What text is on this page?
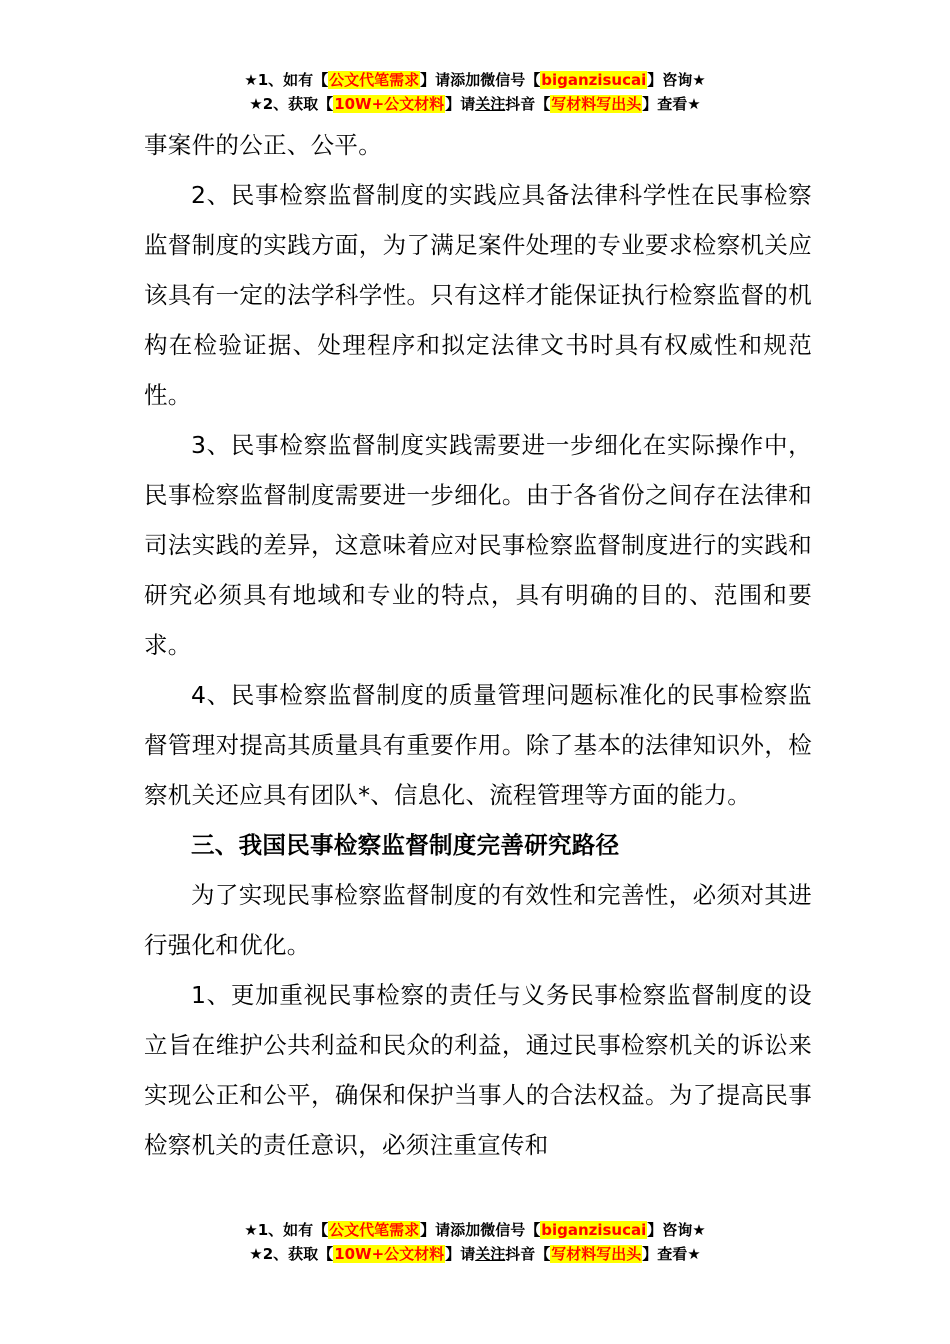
★1、如有【公文代笔需求】请添加微信号【biganzisucai】咨询★
★2、获取【10W+公文材料】请关注抖音【写材料写出头】查看★

事案件的公正、公平。

2、民事检察监督制度的实践应具备法律科学性在民事检察监督制度的实践方面，为了满足案件处理的专业要求检察机关应该具有一定的法学科学性。只有这样才能保证执行检察监督的机构在检验证据、处理程序和拟定法律文书时具有权威性和规范性。

3、民事检察监督制度实践需要进一步细化在实际操作中，民事检察监督制度需要进一步细化。由于各省份之间存在法律和司法实践的差异，这意味着应对民事检察监督制度进行的实践和研究必须具有地域和专业的特点，具有明确的目的、范围和要求。

4、民事检察监督制度的质量管理问题标准化的民事检察监督管理对提高其质量具有重要作用。除了基本的法律知识外，检察机关还应具有团队*、信息化、流程管理等方面的能力。

三、我国民事检察监督制度完善研究路径

为了实现民事检察监督制度的有效性和完善性，必须对其进行强化和优化。

1、更加重视民事检察的责任与义务民事检察监督制度的设立旨在维护公共利益和民众的利益，通过民事检察机关的诉讼来实现公正和公平，确保和保护当事人的合法权益。为了提高民事检察机关的责任意识，必须注重宣传和

★1、如有【公文代笔需求】请添加微信号【biganzisucai】咨询★
★2、获取【10W+公文材料】请关注抖音【写材料写出头】查看★
